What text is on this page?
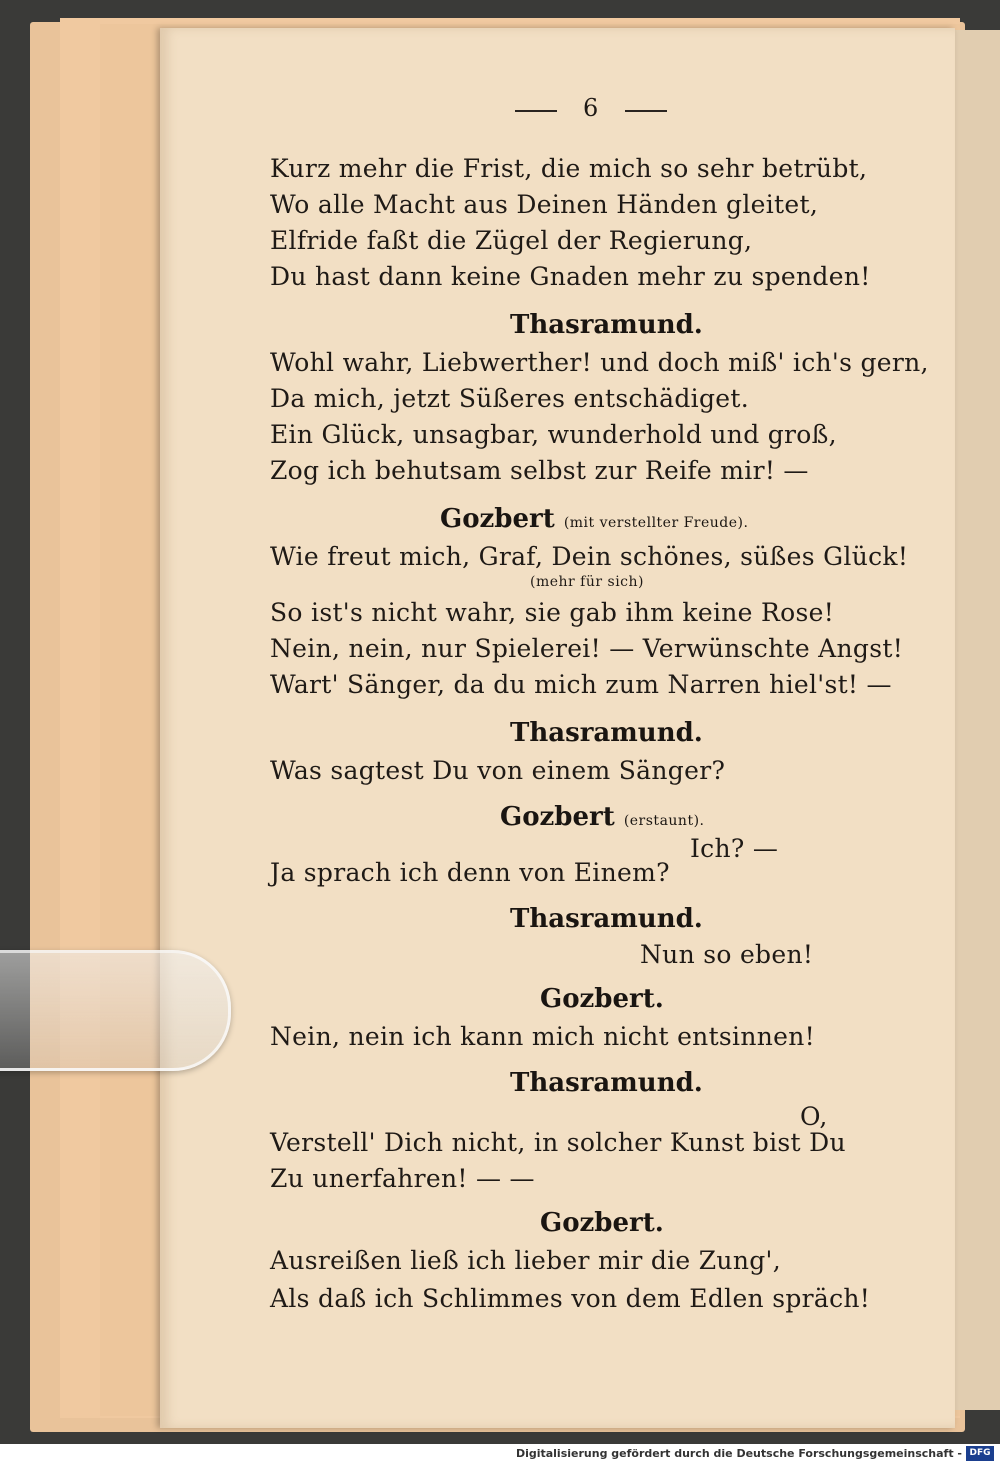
6
Kurz mehr die Frist, die mich so sehr betrübt,
Wo alle Macht aus Deinen Händen gleitet,
Elfride faßt die Zügel der Regierung,
Du hast dann keine Gnaden mehr zu spenden!
Thasramund.
Wohl wahr, Liebwerther! und doch miß' ich's gern,
Da mich, jetzt Süßeres entschädiget.
Ein Glück, unsagbar, wunderhold und groß,
Zog ich behutsam selbst zur Reife mir! —
Gozbert (mit verstellter Freude).
Wie freut mich, Graf, Dein schönes, süßes Glück!
(mehr für sich)
So ist's nicht wahr, sie gab ihm keine Rose!
Nein, nein, nur Spielerei! — Verwünschte Angst!
Wart' Sänger, da du mich zum Narren hiel'st! —
Thasramund.
Was sagtest Du von einem Sänger?
Gozbert (erstaunt).
Ich? —
Ja sprach ich denn von Einem?
Thasramund.
Nun so eben!
Gozbert.
Nein, nein ich kann mich nicht entsinnen!
Thasramund.
O,
Verstell' Dich nicht, in solcher Kunst bist Du
Zu unerfahren! — —
Gozbert.
Ausreißen ließ ich lieber mir die Zung',
Als daß ich Schlimmes von dem Edlen spräch!
Digitalisierung gefördert durch die Deutsche Forschungsgemeinschaft - DFG
